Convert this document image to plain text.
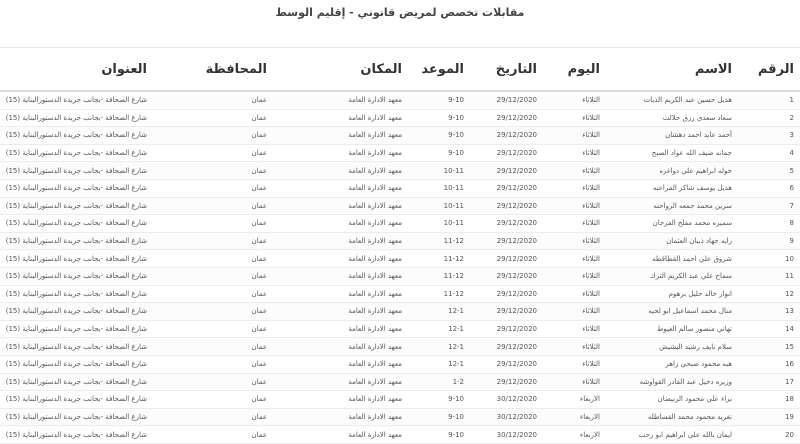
مقابلات تخصص لمريض قانوني - إقليم الوسط
الرقم	الاسم	اليوم	التاريخ	الموعد	المكان	المحافظة	العنوان
1	هديل حسين عبد الكريم الذيات	الثلاثاء	29/12/2020	9-10	معهد الادارة العامة	عمان	شارع الصحافة -بجانب جريدة الدستورالبناية (15)
2	سعاد سعدي رزق حلالت	الثلاثاء	29/12/2020	9-10	معهد الادارة العامة	عمان	شارع الصحافة -بجانب جريدة الدستورالبناية (15)
3	أحمد عايد احمد دهشان	الثلاثاء	29/12/2020	9-10	معهد الادارة العامة	عمان	شارع الصحافة -بجانب جريدة الدستورالبناية (15)
4	جمانه ضيف الله عواد الصبح	الثلاثاء	29/12/2020	9-10	معهد الادارة العامة	عمان	شارع الصحافة -بجانب جريدة الدستورالبناية (15)
5	خوله ابراهيم علي دواغره	الثلاثاء	29/12/2020	10-11	معهد الادارة العامة	عمان	شارع الصحافة -بجانب جريدة الدستورالبناية (15)
6	هديل يوسف شاكر المراعبه	الثلاثاء	29/12/2020	10-11	معهد الادارة العامة	عمان	شارع الصحافة -بجانب جريدة الدستورالبناية (15)
7	سرين محمد جمعه الرواحنه	الثلاثاء	29/12/2020	10-11	معهد الادارة العامة	عمان	شارع الصحافة -بجانب جريدة الدستورالبناية (15)
8	سميره محمد مفلح الفرحان	الثلاثاء	29/12/2020	10-11	معهد الادارة العامة	عمان	شارع الصحافة -بجانب جريدة الدستورالبناية (15)
9	رايه جهاد ذيبان العثمان	الثلاثاء	29/12/2020	11-12	معهد الادارة العامة	عمان	شارع الصحافة -بجانب جريدة الدستورالبناية (15)
10	شروق علي احمد القطاقطه	الثلاثاء	29/12/2020	11-12	معهد الادارة العامة	عمان	شارع الصحافة -بجانب جريدة الدستورالبناية (15)
11	سماح علي عبد الكريم الترك	الثلاثاء	29/12/2020	11-12	معهد الادارة العامة	عمان	شارع الصحافة -بجانب جريدة الدستورالبناية (15)
12	انوار خالد خليل برهوم	الثلاثاء	29/12/2020	11-12	معهد الادارة العامة	عمان	شارع الصحافة -بجانب جريدة الدستورالبناية (15)
13	منال محمد اسماعيل ابو لحيه	الثلاثاء	29/12/2020	12-1	معهد الادارة العامة	عمان	شارع الصحافة -بجانب جريدة الدستورالبناية (15)
14	تهاني منصور سالم الغيوط	الثلاثاء	29/12/2020	12-1	معهد الادارة العامة	عمان	شارع الصحافة -بجانب جريدة الدستورالبناية (15)
15	سلام نايف رشيد البشيش	الثلاثاء	29/12/2020	12-1	معهد الادارة العامة	عمان	شارع الصحافة -بجانب جريدة الدستورالبناية (15)
16	هبه محمود صبحي زاهر	الثلاثاء	29/12/2020	12-1	معهد الادارة العامة	عمان	شارع الصحافة -بجانب جريدة الدستورالبناية (15)
17	وزيره دخيل عبد القادر القواوشه	الثلاثاء	29/12/2020	1-2	معهد الادارة العامة	عمان	شارع الصحافة -بجانب جريدة الدستورالبناية (15)
18	براء علي محمود الربيضان	الاربعاء	30/12/2020	9-10	معهد الادارة العامة	عمان	شارع الصحافة -بجانب جريدة الدستورالبناية (15)
19	تغريد محمود محمد القساطله	الاربعاء	30/12/2020	9-10	معهد الادارة العامة	عمان	شارع الصحافة -بجانب جريدة الدستورالبناية (15)
20	ايمان بالله علي ابراهيم ابو رحب	الاربعاء	30/12/2020	9-10	معهد الادارة العامة	عمان	شارع الصحافة -بجانب جريدة الدستورالبناية (15)
